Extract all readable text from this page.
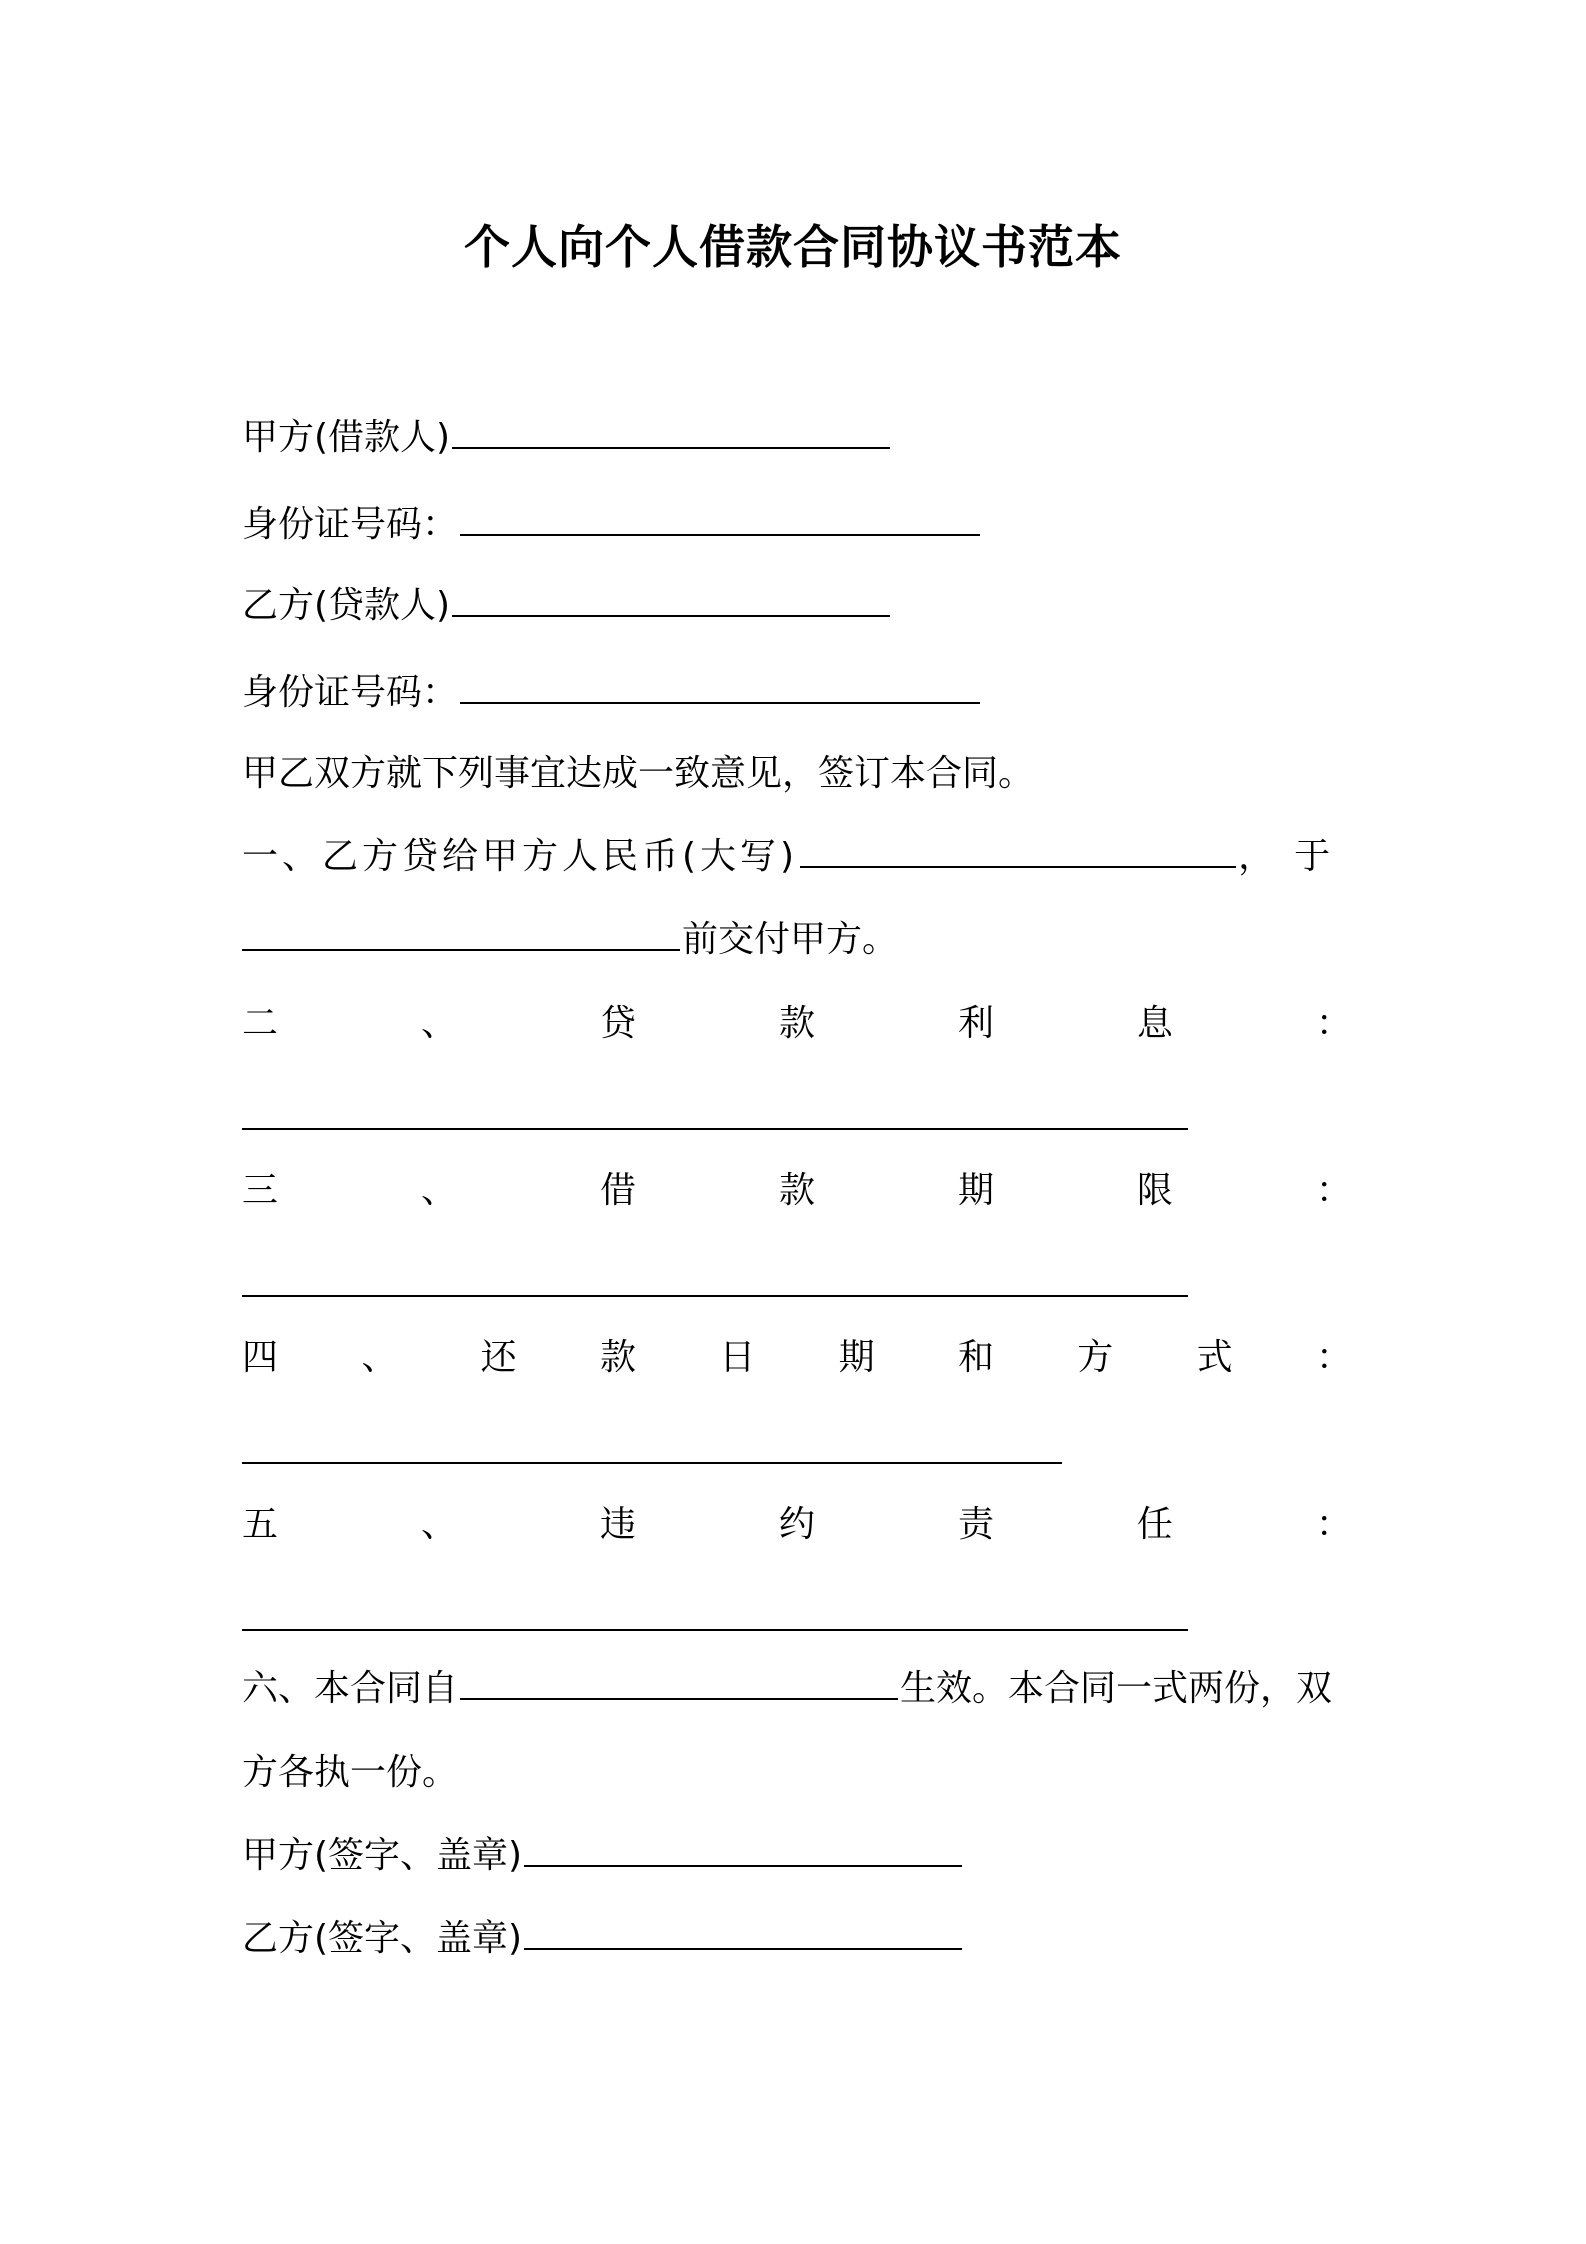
个人向个人借款合同协议书范本
甲方(借款人)
身份证号码：
乙方(贷款人)
身份证号码：
甲乙双方就下列事宜达成一致意见，签订本合同。
一、乙方贷给甲方人民币(大写)	，于
前交付甲方。
二	、	贷	款	利	息	：
三	、	借	款	期	限	：
四 、 还 款 日 期 和 方 式 ：
五	、	违	约	责	任	：
六、本合同自	生效。本合同一式两份，双
方各执一份。
甲方(签字、盖章)
乙方(签字、盖章)
